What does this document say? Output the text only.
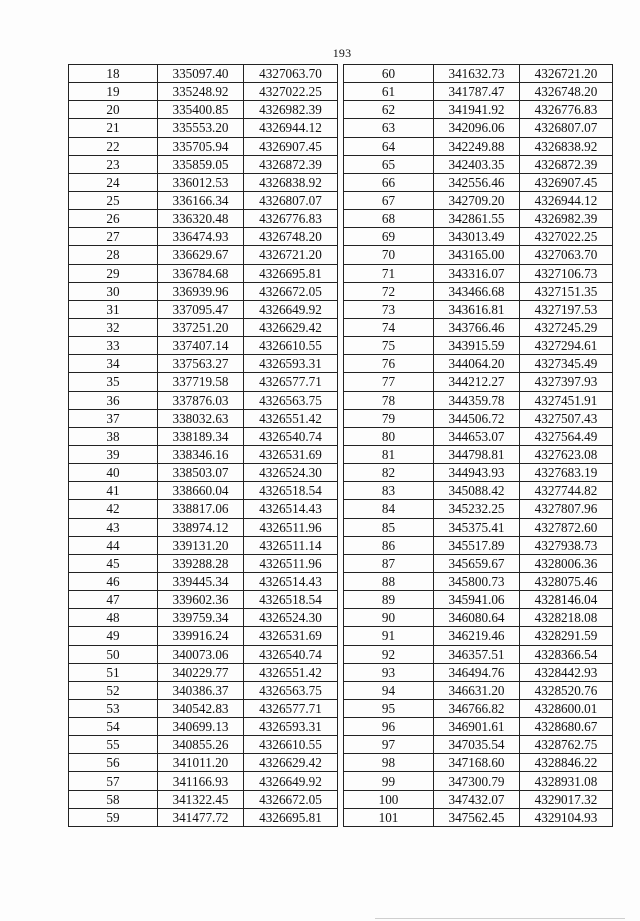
193
18	335097.40	4327063.70
19	335248.92	4327022.25
20	335400.85	4326982.39
21	335553.20	4326944.12
22	335705.94	4326907.45
23	335859.05	4326872.39
24	336012.53	4326838.92
25	336166.34	4326807.07
26	336320.48	4326776.83
27	336474.93	4326748.20
28	336629.67	4326721.20
29	336784.68	4326695.81
30	336939.96	4326672.05
31	337095.47	4326649.92
32	337251.20	4326629.42
33	337407.14	4326610.55
34	337563.27	4326593.31
35	337719.58	4326577.71
36	337876.03	4326563.75
37	338032.63	4326551.42
38	338189.34	4326540.74
39	338346.16	4326531.69
40	338503.07	4326524.30
41	338660.04	4326518.54
42	338817.06	4326514.43
43	338974.12	4326511.96
44	339131.20	4326511.14
45	339288.28	4326511.96
46	339445.34	4326514.43
47	339602.36	4326518.54
48	339759.34	4326524.30
49	339916.24	4326531.69
50	340073.06	4326540.74
51	340229.77	4326551.42
52	340386.37	4326563.75
53	340542.83	4326577.71
54	340699.13	4326593.31
55	340855.26	4326610.55
56	341011.20	4326629.42
57	341166.93	4326649.92
58	341322.45	4326672.05
59	341477.72	4326695.81
60	341632.73	4326721.20
61	341787.47	4326748.20
62	341941.92	4326776.83
63	342096.06	4326807.07
64	342249.88	4326838.92
65	342403.35	4326872.39
66	342556.46	4326907.45
67	342709.20	4326944.12
68	342861.55	4326982.39
69	343013.49	4327022.25
70	343165.00	4327063.70
71	343316.07	4327106.73
72	343466.68	4327151.35
73	343616.81	4327197.53
74	343766.46	4327245.29
75	343915.59	4327294.61
76	344064.20	4327345.49
77	344212.27	4327397.93
78	344359.78	4327451.91
79	344506.72	4327507.43
80	344653.07	4327564.49
81	344798.81	4327623.08
82	344943.93	4327683.19
83	345088.42	4327744.82
84	345232.25	4327807.96
85	345375.41	4327872.60
86	345517.89	4327938.73
87	345659.67	4328006.36
88	345800.73	4328075.46
89	345941.06	4328146.04
90	346080.64	4328218.08
91	346219.46	4328291.59
92	346357.51	4328366.54
93	346494.76	4328442.93
94	346631.20	4328520.76
95	346766.82	4328600.01
96	346901.61	4328680.67
97	347035.54	4328762.75
98	347168.60	4328846.22
99	347300.79	4328931.08
100	347432.07	4329017.32
101	347562.45	4329104.93
